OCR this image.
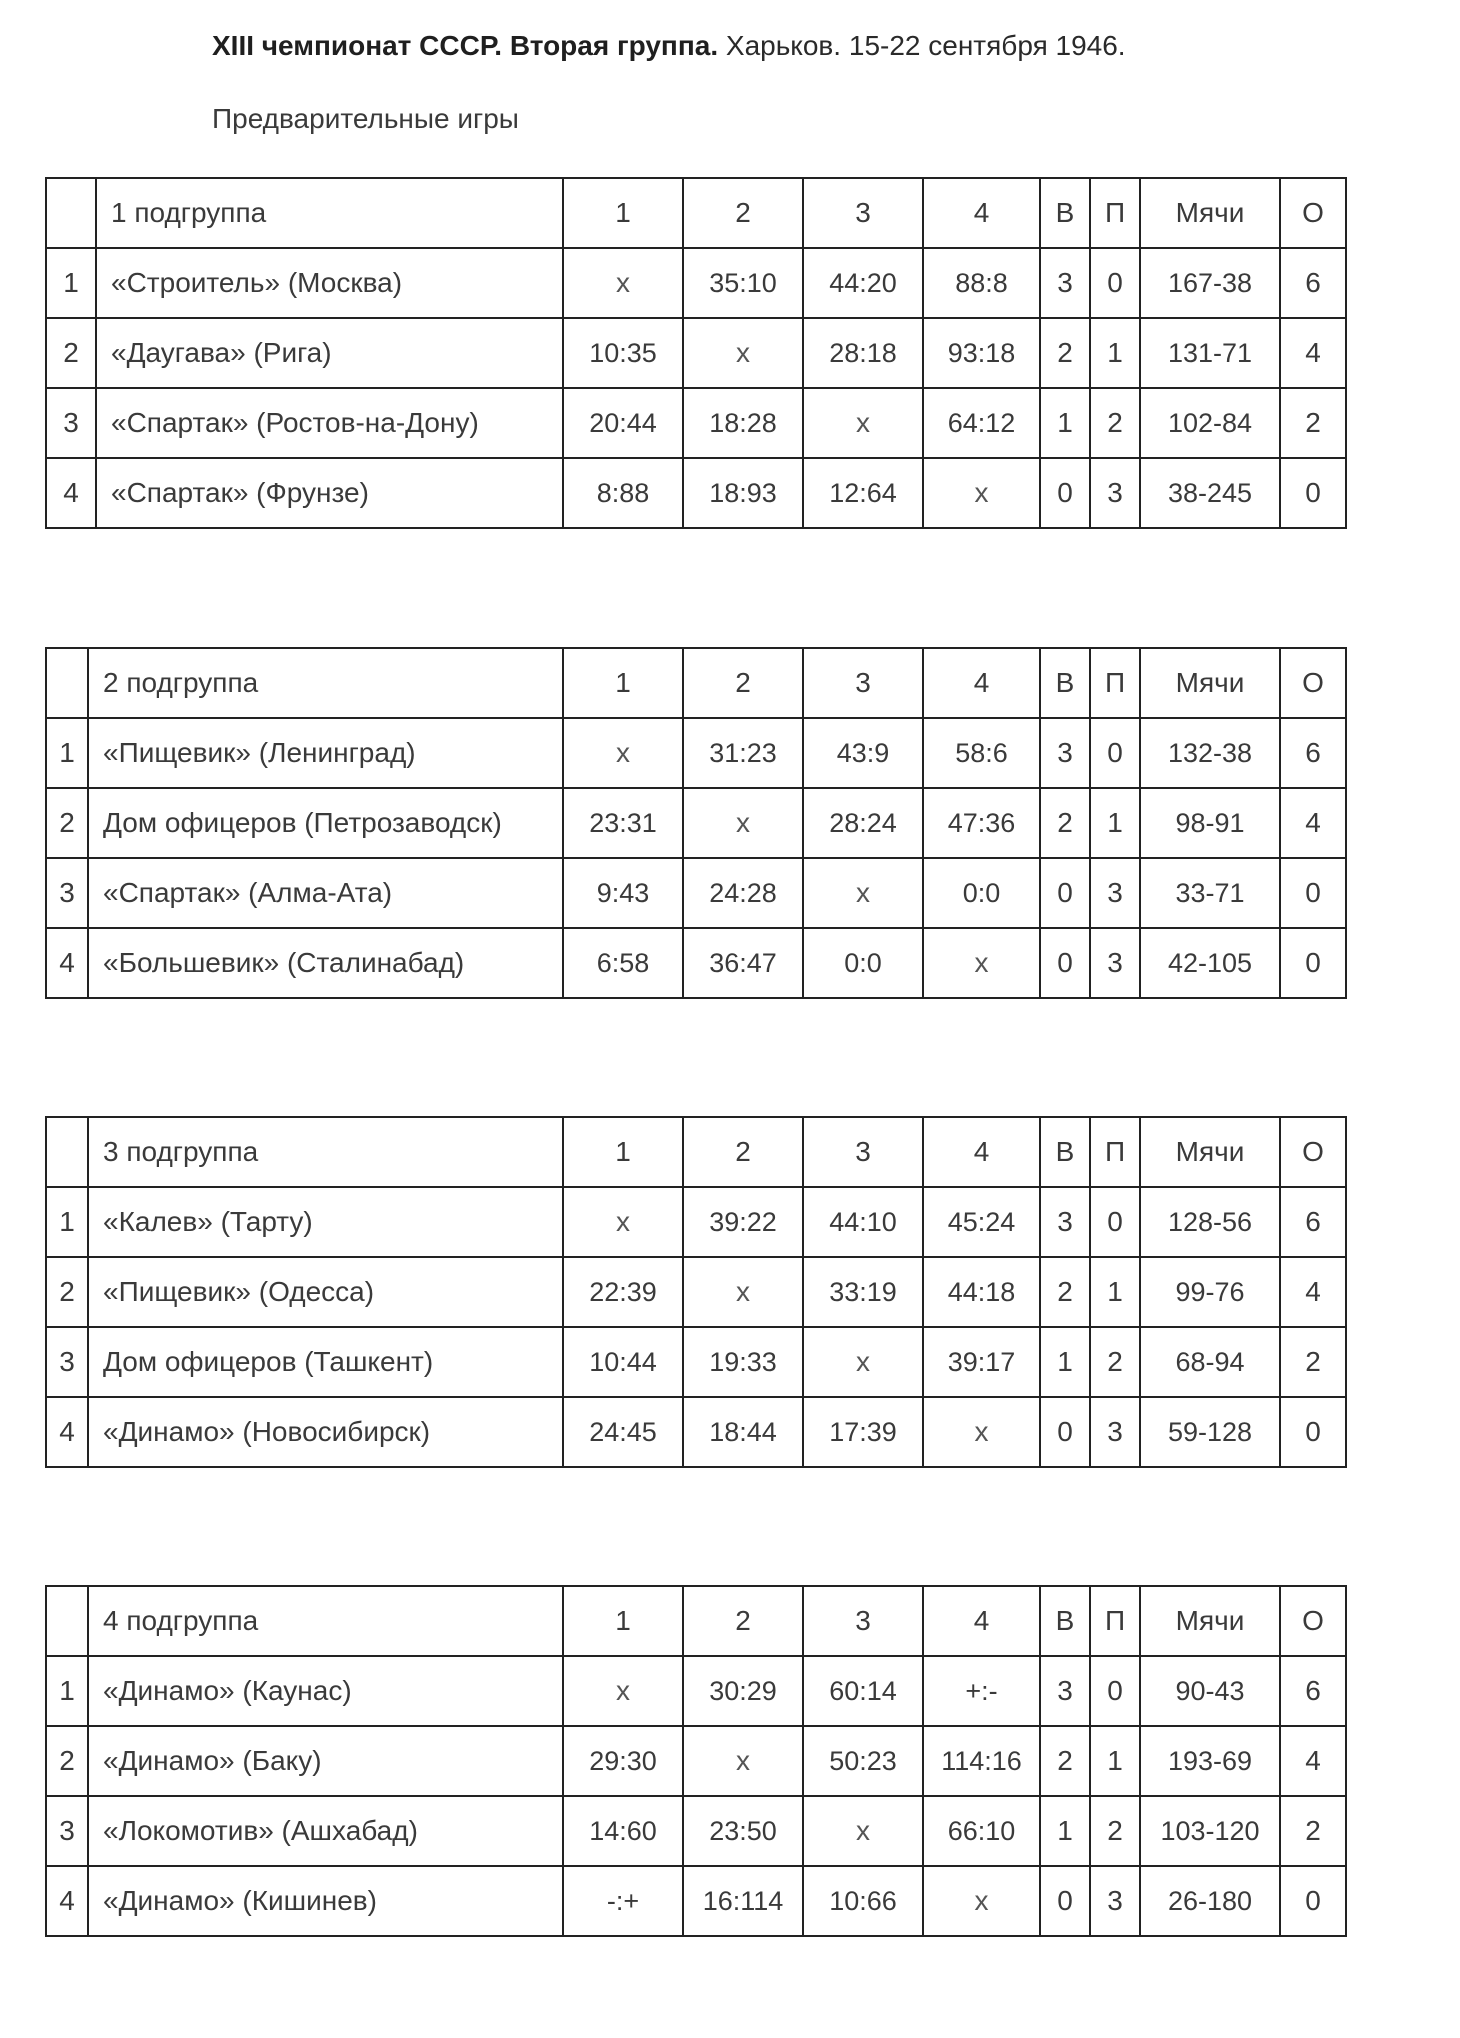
XIII чемпионат СССР. Вторая группа. Харьков. 15-22 сентября 1946.
Предварительные игры
	1 подгруппа	1	2	3	4	В	П	Мячи	О
1	«Строитель» (Москва)	х	35:10	44:20	88:8	3	0	167-38	6
2	«Даугава» (Рига)	10:35	х	28:18	93:18	2	1	131-71	4
3	«Спартак» (Ростов-на-Дону)	20:44	18:28	х	64:12	1	2	102-84	2
4	«Спартак» (Фрунзе)	8:88	18:93	12:64	х	0	3	38-245	0
	2 подгруппа	1	2	3	4	В	П	Мячи	О
1	«Пищевик» (Ленинград)	х	31:23	43:9	58:6	3	0	132-38	6
2	Дом офицеров (Петрозаводск)	23:31	х	28:24	47:36	2	1	98-91	4
3	«Спартак» (Алма-Ата)	9:43	24:28	х	0:0	0	3	33-71	0
4	«Большевик» (Сталинабад)	6:58	36:47	0:0	х	0	3	42-105	0
	3 подгруппа	1	2	3	4	В	П	Мячи	О
1	«Калев» (Тарту)	х	39:22	44:10	45:24	3	0	128-56	6
2	«Пищевик» (Одесса)	22:39	х	33:19	44:18	2	1	99-76	4
3	Дом офицеров (Ташкент)	10:44	19:33	х	39:17	1	2	68-94	2
4	«Динамо» (Новосибирск)	24:45	18:44	17:39	х	0	3	59-128	0
	4 подгруппа	1	2	3	4	В	П	Мячи	О
1	«Динамо» (Каунас)	х	30:29	60:14	+:-	3	0	90-43	6
2	«Динамо» (Баку)	29:30	х	50:23	114:16	2	1	193-69	4
3	«Локомотив» (Ашхабад)	14:60	23:50	х	66:10	1	2	103-120	2
4	«Динамо» (Кишинев)	-:+	16:114	10:66	х	0	3	26-180	0
